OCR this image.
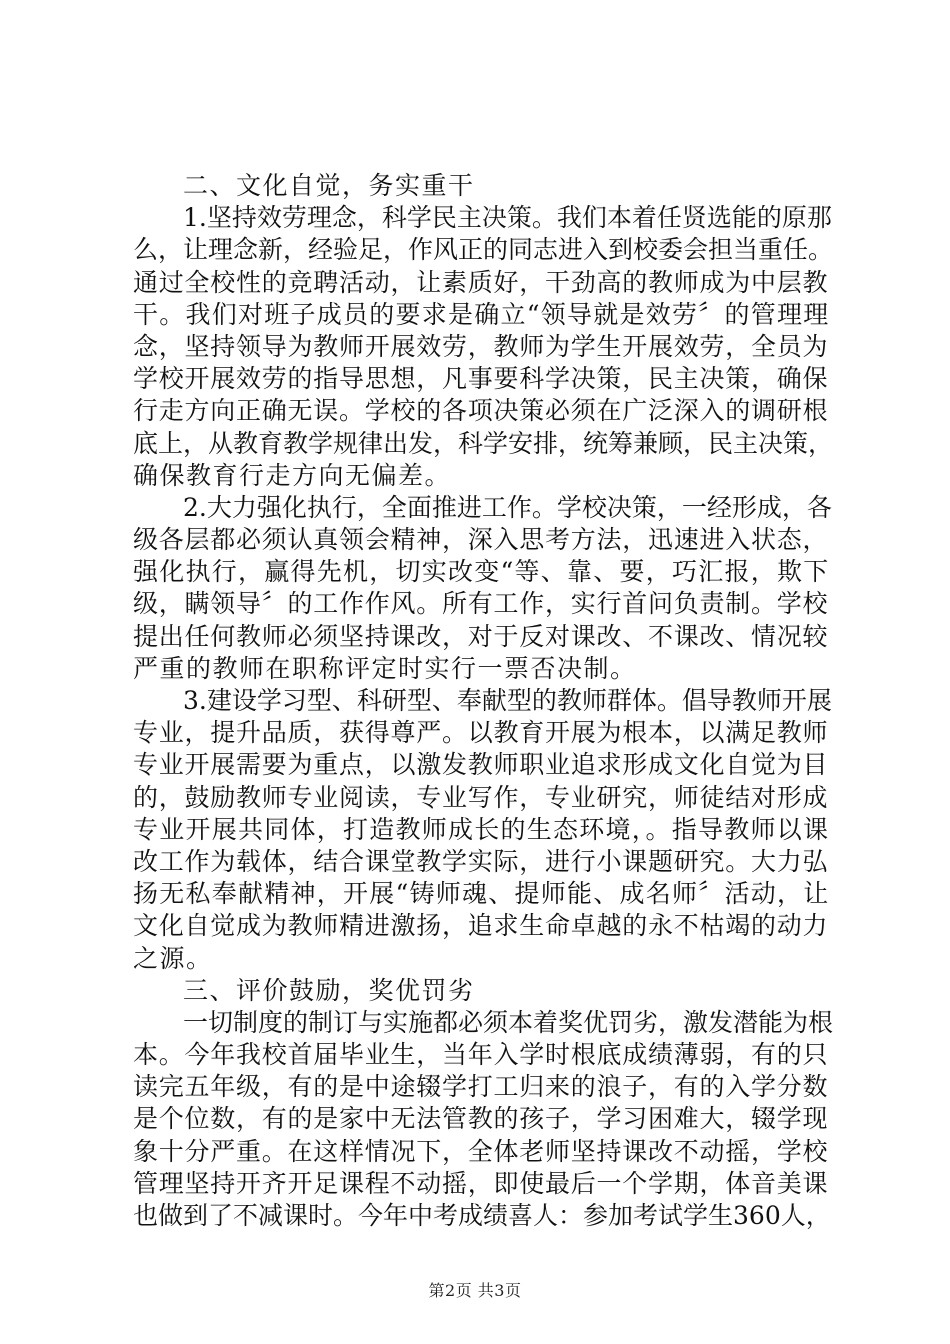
二、文化自觉，务实重干
1.坚持效劳理念，科学民主决策。我们本着任贤选能的原那
么，让理念新，经验足，作风正的同志进入到校委会担当重任。
通过全校性的竞聘活动，让素质好，干劲高的教师成为中层教
干。我们对班子成员的要求是确立“领导就是效劳〞的管理理
念，坚持领导为教师开展效劳，教师为学生开展效劳，全员为
学校开展效劳的指导思想，凡事要科学决策，民主决策，确保
行走方向正确无误。学校的各项决策必须在广泛深入的调研根
底上，从教育教学规律出发，科学安排，统筹兼顾，民主决策，
确保教育行走方向无偏差。
2.大力强化执行，全面推进工作。学校决策，一经形成，各
级各层都必须认真领会精神，深入思考方法，迅速进入状态，
强化执行，赢得先机，切实改变“等、靠、要，巧汇报，欺下
级，瞒领导〞的工作作风。所有工作，实行首问负责制。学校
提出任何教师必须坚持课改，对于反对课改、不课改、情况较
严重的教师在职称评定时实行一票否决制。
3.建设学习型、科研型、奉献型的教师群体。倡导教师开展
专业，提升品质，获得尊严。以教育开展为根本，以满足教师
专业开展需要为重点，以激发教师职业追求形成文化自觉为目
的，鼓励教师专业阅读，专业写作，专业研究，师徒结对形成
专业开展共同体，打造教师成长的生态环境，。指导教师以课
改工作为载体，结合课堂教学实际，进行小课题研究。大力弘
扬无私奉献精神，开展“铸师魂、提师能、成名师〞活动，让
文化自觉成为教师精进激扬，追求生命卓越的永不枯竭的动力
之源。
三、评价鼓励，奖优罚劣
一切制度的制订与实施都必须本着奖优罚劣，激发潜能为根
本。今年我校首届毕业生，当年入学时根底成绩薄弱，有的只
读完五年级，有的是中途辍学打工归来的浪子，有的入学分数
是个位数，有的是家中无法管教的孩子，学习困难大，辍学现
象十分严重。在这样情况下，全体老师坚持课改不动摇，学校
管理坚持开齐开足课程不动摇，即使最后一个学期，体音美课
也做到了不减课时。今年中考成绩喜人：参加考试学生360人，
第2页 共3页
